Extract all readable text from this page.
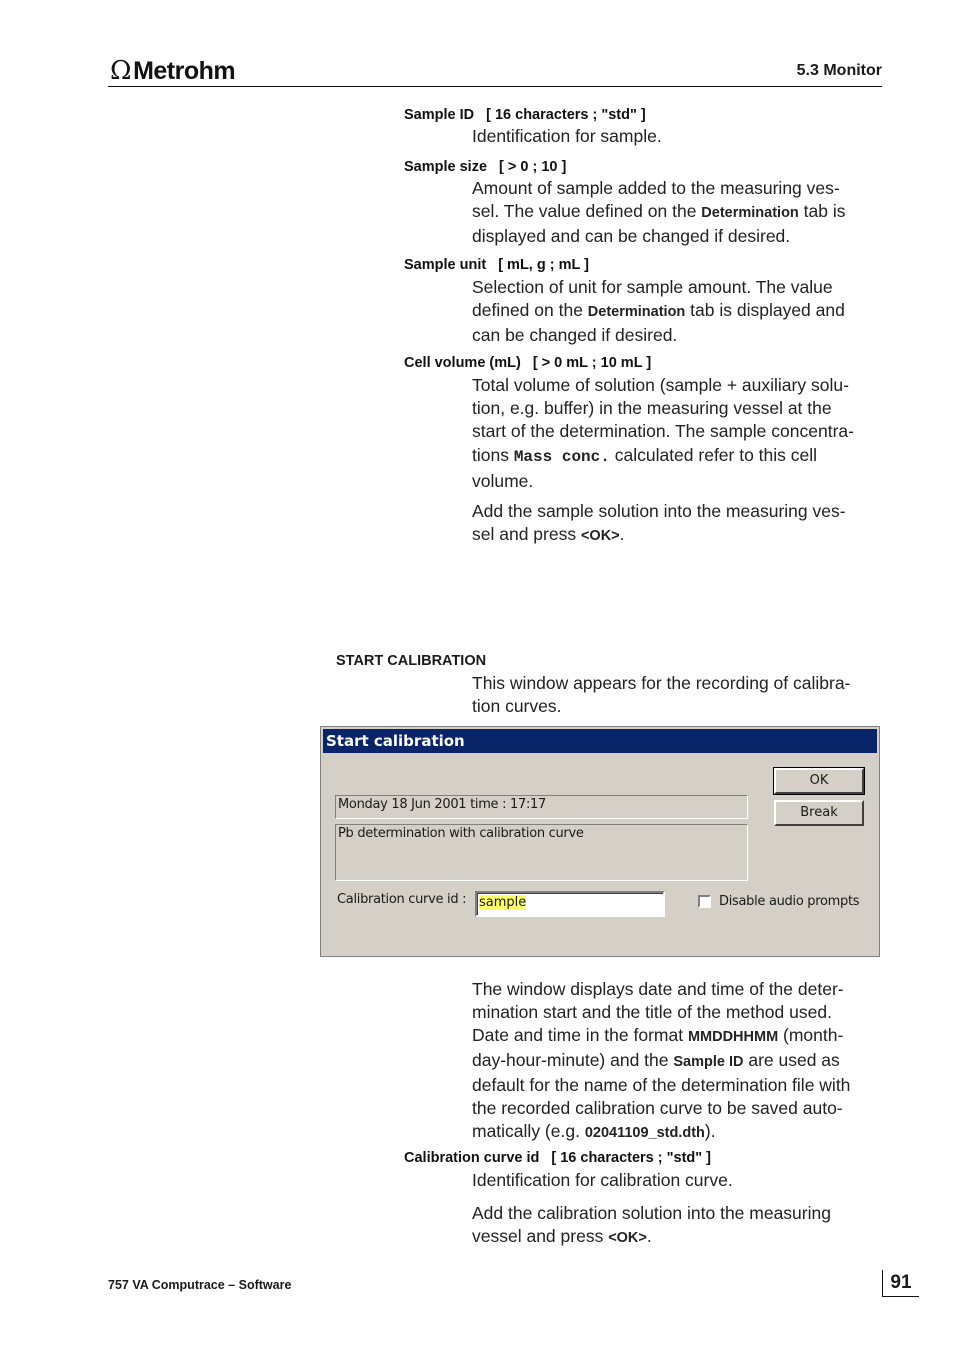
ΩMetrohm	5.3 Monitor
Sample ID [ 16 characters ; "std" ]
Identification for sample.
Sample size [ > 0 ; 10 ]
Amount of sample added to the measuring ves-
sel. The value defined on the Determination tab is
displayed and can be changed if desired.
Sample unit [ mL, g ; mL ]
Selection of unit for sample amount. The value
defined on the Determination tab is displayed and
can be changed if desired.
Cell volume (mL) [ > 0 mL ; 10 mL ]
Total volume of solution (sample + auxiliary solu-
tion, e.g. buffer) in the measuring vessel at the
start of the determination. The sample concentra-
tions Mass conc. calculated refer to this cell
volume.
Add the sample solution into the measuring ves-
sel and press <OK>.
START CALIBRATION
This window appears for the recording of calibra-
tion curves.
Start calibration
OK
Break
Monday 18 Jun 2001 time : 17:17
Pb determination with calibration curve
Calibration curve id : sample	Disable audio prompts
The window displays date and time of the deter-
mination start and the title of the method used.
Date and time in the format MMDDHHMM (month-
day-hour-minute) and the Sample ID are used as
default for the name of the determination file with
the recorded calibration curve to be saved auto-
matically (e.g. 02041109_std.dth).
Calibration curve id [ 16 characters ; "std" ]
Identification for calibration curve.
Add the calibration solution into the measuring
vessel and press <OK>.
757 VA Computrace – Software	91
